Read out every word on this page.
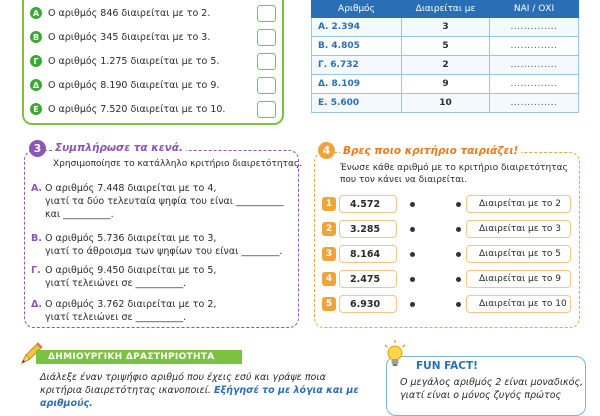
Α Ο αριθμός 846 διαιρείται με το 2.
Β Ο αριθμός 345 διαιρείται με το 3.
Γ Ο αριθμός 1.275 διαιρείται με το 5.
Δ Ο αριθμός 8.190 διαιρείται με το 9.
Ε Ο αριθμός 7.520 διαιρείται με το 10.
Αριθμός	Διαιρείται με	ΝΑΙ / ΟΧΙ
Α. 2.394	3	..............
Β. 4.805	5	..............
Γ. 6.732	2	..............
Δ. 8.109	9	..............
Ε. 5.600	10	..............
3	Συμπλήρωσε τα κενά.
Χρησιμοποίησε το κατάλληλο κριτήριο διαιρετότητας.
Α. Ο αριθμός 7.448 διαιρείται με το 4,
γιατί τα δύο τελευταία ψηφία του είναι __________
και __________.
Β. Ο αριθμός 5.736 διαιρείται με το 3,
γιατί το άθροισμα των ψηφίων του είναι ________.
Γ. Ο αριθμός 9.450 διαιρείται με το 5,
γιατί τελειώνει σε __________.
Δ. Ο αριθμός 3.762 διαιρείται με το 2,
γιατί τελειώνει σε __________.
4	Βρες ποιο κριτήριο ταιριάζει!
Ένωσε κάθε αριθμό με το κριτήριο διαιρετότητας που τον κάνει να διαιρείται.
1	4.572
2	3.285
3	8.164
4	2.475
5	6.930
Διαιρείται με το 2
Διαιρείται με το 3
Διαιρείται με το 5
Διαιρείται με το 9
Διαιρείται με το 10
ΔΗΜΙΟΥΡΓΙΚΗ ΔΡΑΣΤΗΡΙΟΤΗΤΑ
Διάλεξε έναν τριψήφιο αριθμό που έχεις εσύ και γράψε ποια κριτήρια διαιρετότητας ικανοποιεί. Εξήγησέ το με λόγια και με αριθμούς.
FUN FACT!
Ο μεγάλος αριθμός 2 είναι μοναδικός, γιατί είναι ο μόνος ζυγός πρώτος
